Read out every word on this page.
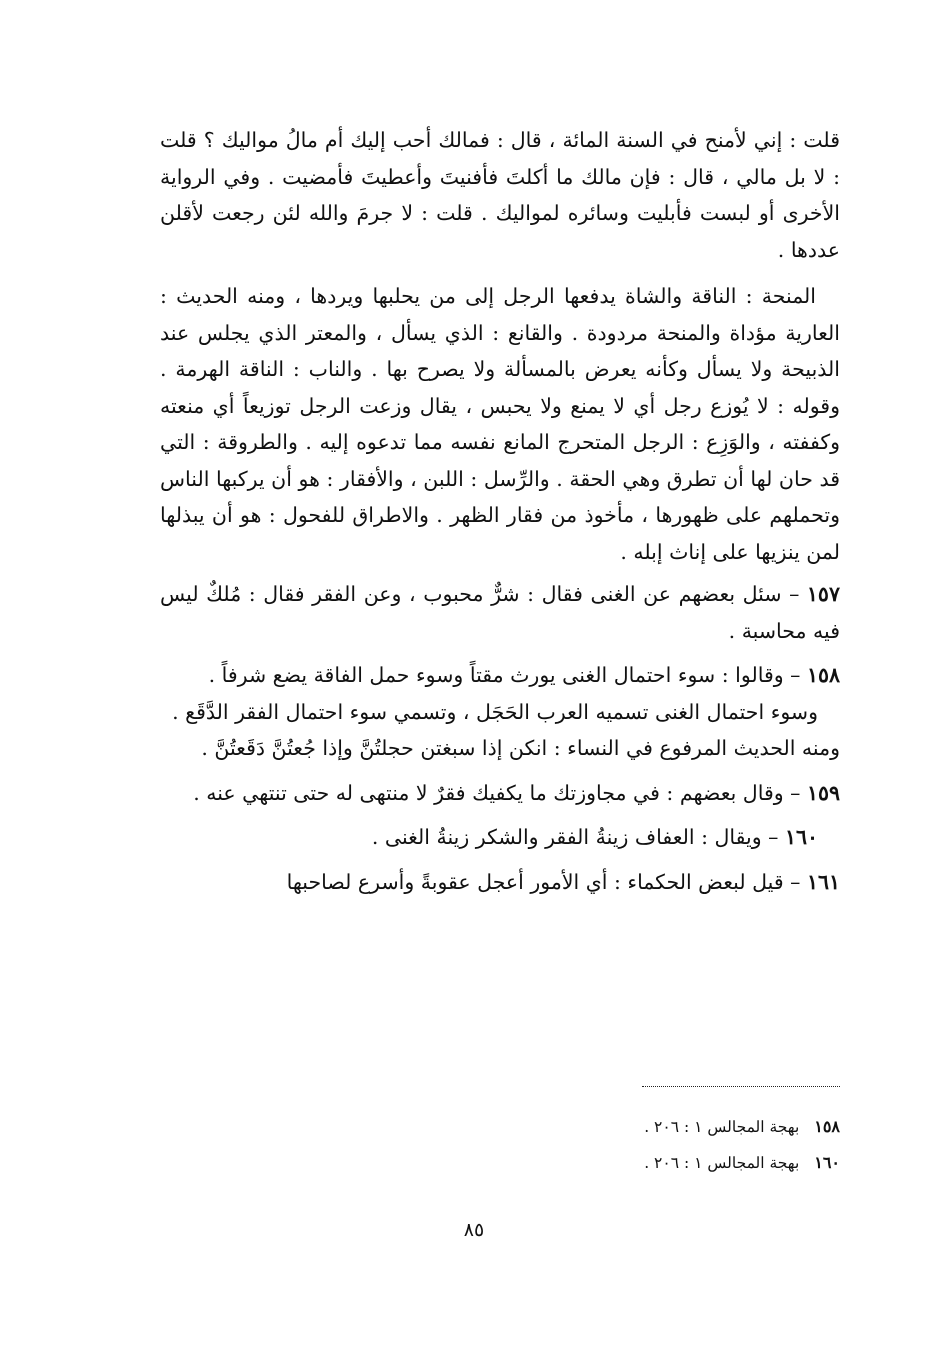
قلت : إني لأمنح في السنة المائة ، قال : فمالك أحب إليك أم مالُ مواليك ؟ قلت : لا بل مالي ، قال : فإن مالك ما أكلتَ فأفنيتَ وأعطيتَ فأمضيت . وفي الرواية الأخرى أو لبست فأبليت وسائره لمواليك . قلت : لا جرمَ والله لئن رجعت لأقلن عددها .

المنحة : الناقة والشاة يدفعها الرجل إلى من يحلبها ويردها ، ومنه الحديث : العارية مؤداة والمنحة مردودة . والقانع : الذي يسأل ، والمعتر الذي يجلس عند الذبيحة ولا يسأل وكأنه يعرض بالمسألة ولا يصرح بها . والناب : الناقة الهرمة . وقوله : لا يُوزع رجل أي لا يمنع ولا يحبس ، يقال وزعت الرجل توزيعاً أي منعته وكففته ، والوَزِع : الرجل المتحرج المانع نفسه مما تدعوه إليه . والطروقة : التي قد حان لها أن تطرق وهي الحقة . والرِّسل : اللبن ، والأفقار : هو أن يركبها الناس وتحملهم على ظهورها ، مأخوذ من فقار الظهر . والاطراق للفحول : هو أن يبذلها لمن ينزيها على إناث إبله .

١٥٧ – سئل بعضهم عن الغنى فقال : شرٌّ محبوب ، وعن الفقر فقال : مُلكٌ ليس فيه محاسبة .

١٥٨ – وقالوا : سوء احتمال الغنى يورث مقتاً وسوء حمل الفاقة يضع شرفاً .

وسوء احتمال الغنى تسميه العرب الحَجَل ، وتسمي سوء احتمال الفقر الدَّقَع .

ومنه الحديث المرفوع في النساء : انكن إذا سبغتن حجلتُنَّ وإذا جُعتُنَّ دَقَعتُنَّ .

١٥٩ – وقال بعضهم : في مجاوزتك ما يكفيك فقرٌ لا منتهى له حتى تنتهي عنه .

١٦٠ – ويقال : العفاف زينةُ الفقر والشكر زينةُ الغنى .

١٦١ – قيل لبعض الحكماء : أي الأمور أعجل عقوبةً وأسرع لصاحبها

١٥٨ بهجة المجالس ١ : ٢٠٦ .
١٦٠ بهجة المجالس ١ : ٢٠٦ .
٨٥
